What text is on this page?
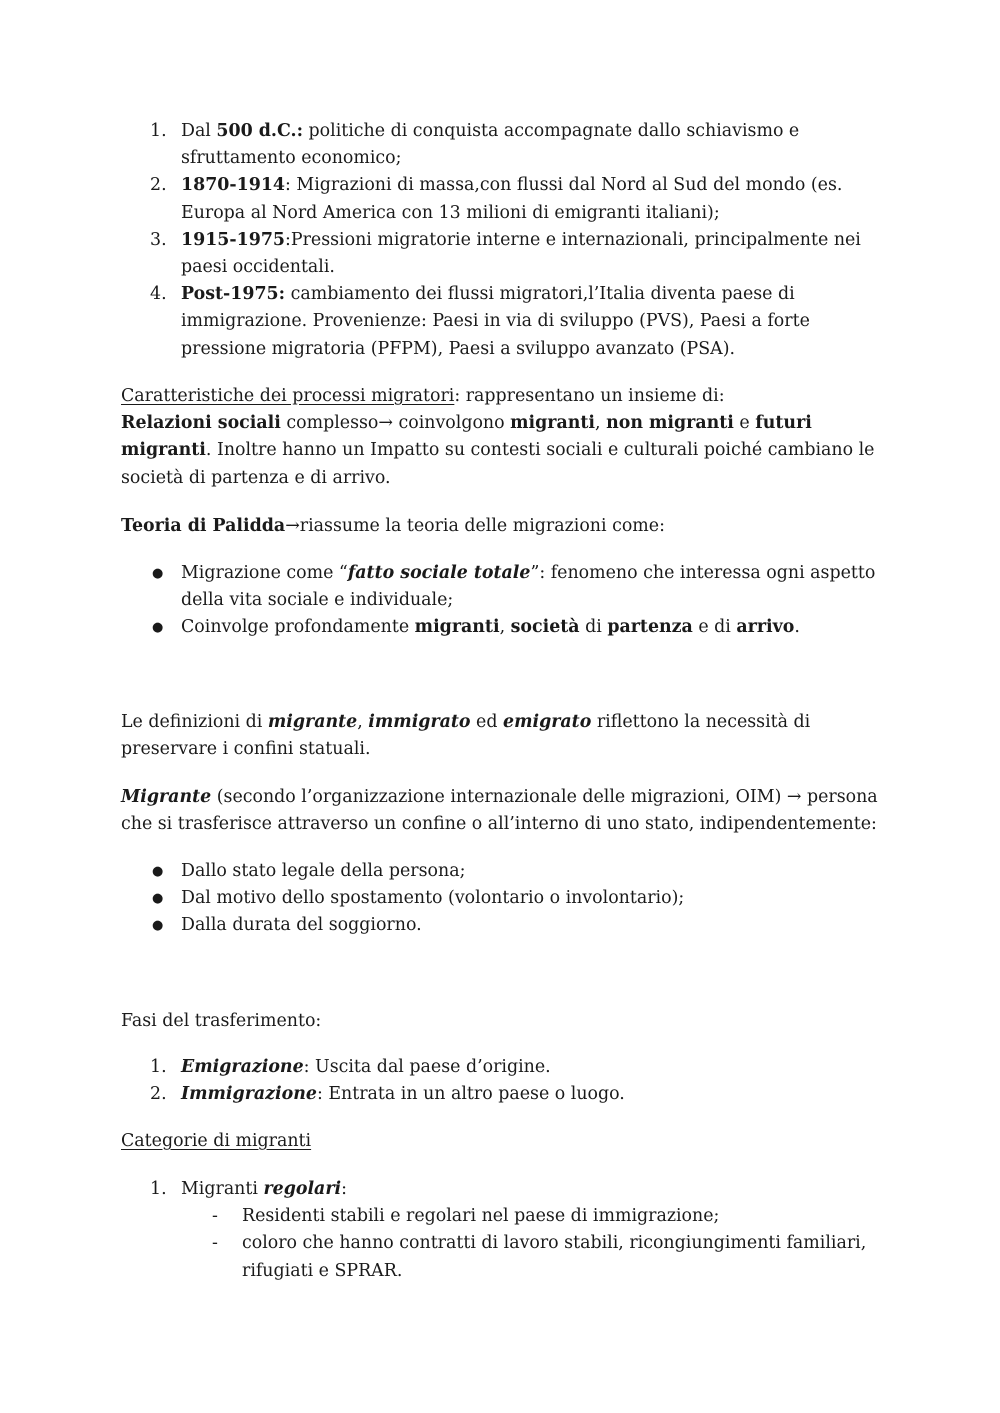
1. Dal 500 d.C.: politiche di conquista accompagnate dallo schiavismo e sfruttamento economico;
2. 1870-1914: Migrazioni di massa,con flussi dal Nord al Sud del mondo (es. Europa al Nord America con 13 milioni di emigranti italiani);
3. 1915-1975:Pressioni migratorie interne e internazionali, principalmente nei paesi occidentali.
4. Post-1975: cambiamento dei flussi migratori,l’Italia diventa paese di immigrazione. Provenienze: Paesi in via di sviluppo (PVS), Paesi a forte pressione migratoria (PFPM), Paesi a sviluppo avanzato (PSA).

Caratteristiche dei processi migratori: rappresentano un insieme di:

Relazioni sociali complesso→ coinvolgono migranti, non migranti e futuri migranti. Inoltre hanno un Impatto su contesti sociali e culturali poiché cambiano le società di partenza e di arrivo.

Teoria di Palidda→riassume la teoria delle migrazioni come:

● Migrazione come “fatto sociale totale”: fenomeno che interessa ogni aspetto della vita sociale e individuale;
● Coinvolge profondamente migranti, società di partenza e di arrivo.

Le definizioni di migrante, immigrato ed emigrato riflettono la necessità di preservare i confini statuali.

Migrante (secondo l’organizzazione internazionale delle migrazioni, OIM) → persona che si trasferisce attraverso un confine o all’interno di uno stato, indipendentemente:

● Dallo stato legale della persona;
● Dal motivo dello spostamento (volontario o involontario);
● Dalla durata del soggiorno.

Fasi del trasferimento:

1. Emigrazione: Uscita dal paese d’origine.
2. Immigrazione: Entrata in un altro paese o luogo.

Categorie di migranti

1. Migranti regolari:
- Residenti stabili e regolari nel paese di immigrazione;
- coloro che hanno contratti di lavoro stabili, ricongiungimenti familiari, rifugiati e SPRAR.
